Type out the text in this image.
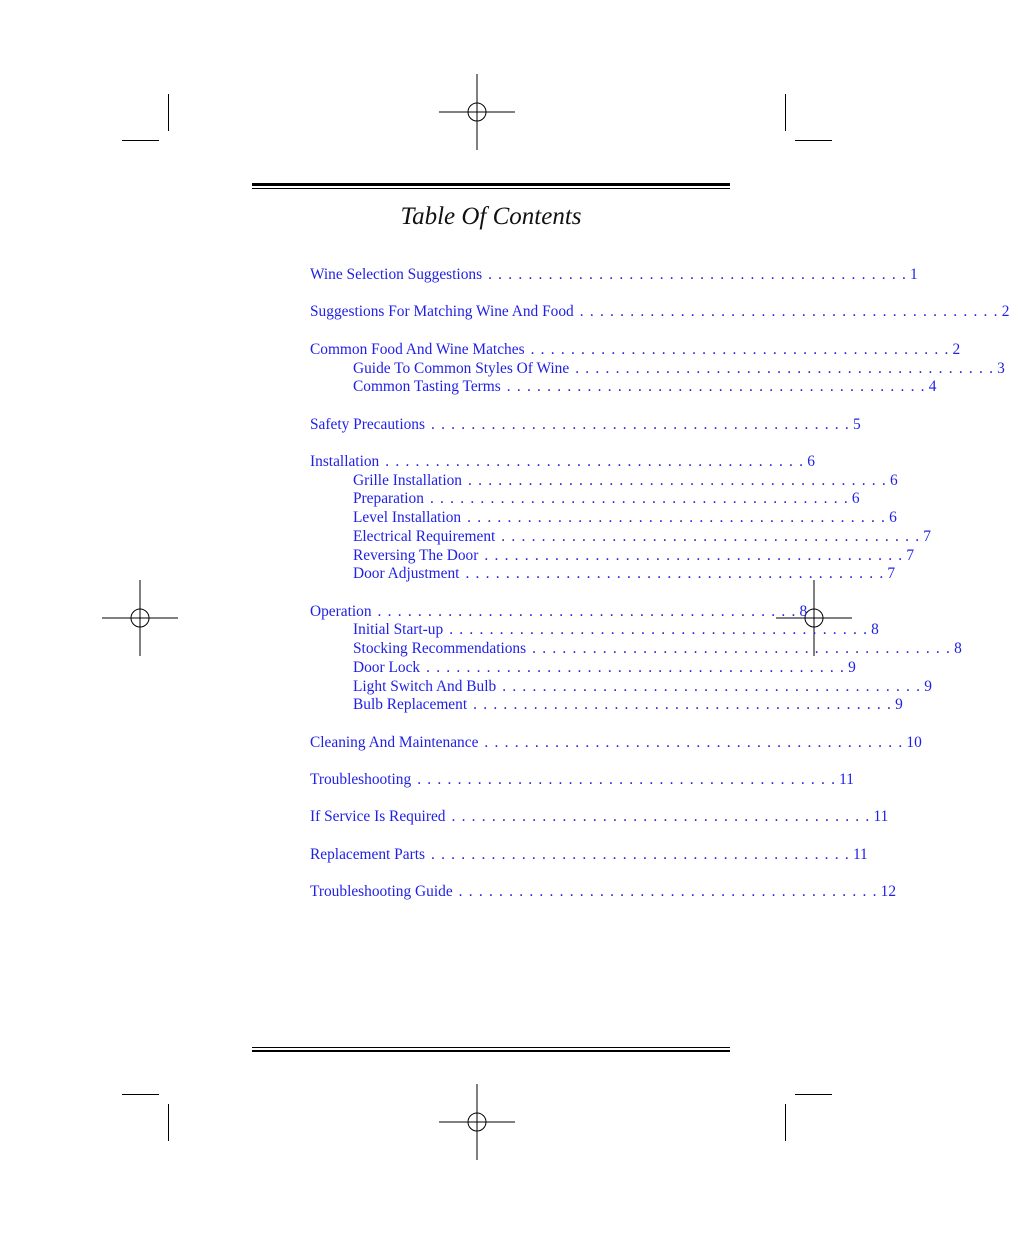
Table Of Contents
Wine Selection Suggestions . . . . . . . . . . . . . . . . . . . . . . . . . . . . . . . . . . . . . . . . . . 1
Suggestions For Matching Wine And Food . . . . . . . . . . . . . . . . . . . . . . . . . . . . . . . . . . . . . . . . . . 2
Common Food And Wine Matches . . . . . . . . . . . . . . . . . . . . . . . . . . . . . . . . . . . . . . . . . . 2
Guide To Common Styles Of Wine . . . . . . . . . . . . . . . . . . . . . . . . . . . . . . . . . . . . . . . . . . 3
Common Tasting Terms . . . . . . . . . . . . . . . . . . . . . . . . . . . . . . . . . . . . . . . . . . 4
Safety Precautions . . . . . . . . . . . . . . . . . . . . . . . . . . . . . . . . . . . . . . . . . . 5
Installation . . . . . . . . . . . . . . . . . . . . . . . . . . . . . . . . . . . . . . . . . . 6
Grille Installation . . . . . . . . . . . . . . . . . . . . . . . . . . . . . . . . . . . . . . . . . . 6
Preparation . . . . . . . . . . . . . . . . . . . . . . . . . . . . . . . . . . . . . . . . . . 6
Level Installation . . . . . . . . . . . . . . . . . . . . . . . . . . . . . . . . . . . . . . . . . . 6
Electrical Requirement . . . . . . . . . . . . . . . . . . . . . . . . . . . . . . . . . . . . . . . . . . 7
Reversing The Door . . . . . . . . . . . . . . . . . . . . . . . . . . . . . . . . . . . . . . . . . . 7
Door Adjustment . . . . . . . . . . . . . . . . . . . . . . . . . . . . . . . . . . . . . . . . . . 7
Operation . . . . . . . . . . . . . . . . . . . . . . . . . . . . . . . . . . . . . . . . . . 8
Initial Start-up . . . . . . . . . . . . . . . . . . . . . . . . . . . . . . . . . . . . . . . . . . 8
Stocking Recommendations . . . . . . . . . . . . . . . . . . . . . . . . . . . . . . . . . . . . . . . . . . 8
Door Lock . . . . . . . . . . . . . . . . . . . . . . . . . . . . . . . . . . . . . . . . . . 9
Light Switch And Bulb . . . . . . . . . . . . . . . . . . . . . . . . . . . . . . . . . . . . . . . . . . 9
Bulb Replacement . . . . . . . . . . . . . . . . . . . . . . . . . . . . . . . . . . . . . . . . . . 9
Cleaning And Maintenance . . . . . . . . . . . . . . . . . . . . . . . . . . . . . . . . . . . . . . . . . . 10
Troubleshooting . . . . . . . . . . . . . . . . . . . . . . . . . . . . . . . . . . . . . . . . . . 11
If Service Is Required . . . . . . . . . . . . . . . . . . . . . . . . . . . . . . . . . . . . . . . . . . 11
Replacement Parts . . . . . . . . . . . . . . . . . . . . . . . . . . . . . . . . . . . . . . . . . . 11
Troubleshooting Guide . . . . . . . . . . . . . . . . . . . . . . . . . . . . . . . . . . . . . . . . . . 12
